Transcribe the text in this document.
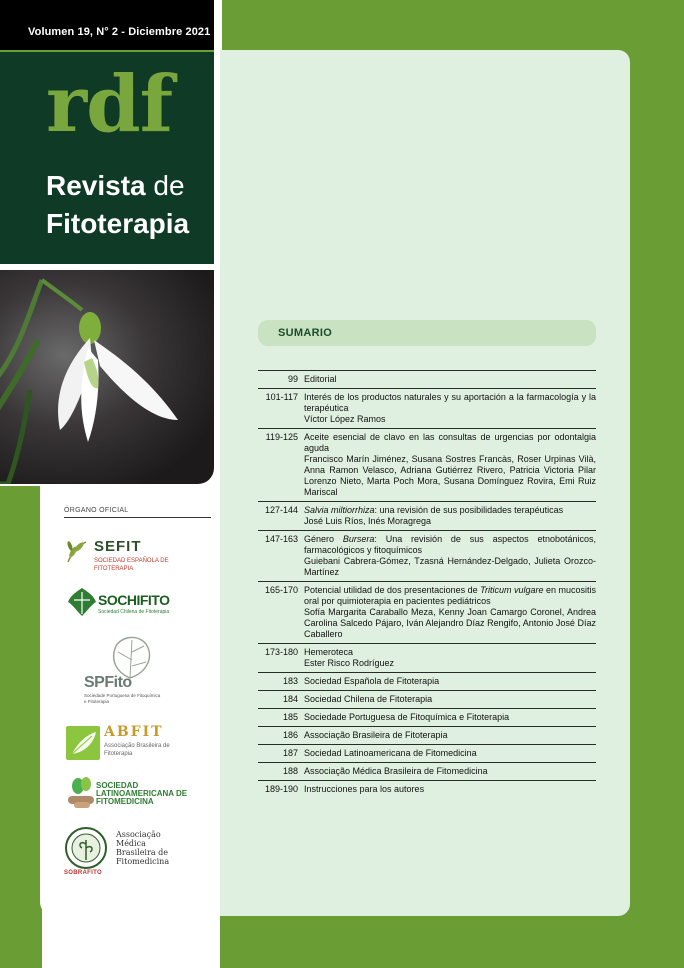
Volumen 19, N° 2 - Diciembre 2021
rdf
Revista de
Fitoterapia
ÓRGANO OFICIAL
SEFIT
SOCIEDAD ESPAÑOLA DE FITOTERAPIA
SOCHIFITO
Sociedad Chilena de Fitoterapia
SPFito
Sociedade Portuguesa de Fitoquímica e Fitoterapia
ABFIT
Associação Brasileira de Fitoterapia
SOCIEDAD LATINOAMERICANA DE FITOMEDICINA
SOBRAFITO
Associação Médica Brasileira de Fitomedicina
SUMARIO
99 Editorial
101-117 Interés de los productos naturales y su aportación a la farmacología y la terapéutica
Víctor López Ramos
119-125 Aceite esencial de clavo en las consultas de urgencias por odontalgia aguda
Francisco Marín Jiménez, Susana Sostres Francàs, Roser Urpinas Vilà, Anna Ramon Velasco, Adriana Gutiérrez Rivero, Patricia Victoria Pilar Lorenzo Nieto, Marta Poch Mora, Susana Domínguez Rovira, Emi Ruiz Mariscal
127-144 Salvia miltiorrhiza: una revisión de sus posibilidades terapéuticas
José Luis Ríos, Inés Moragrega
147-163 Género Bursera: Una revisión de sus aspectos etnobotánicos, farmacológicos y fitoquímicos
Guiebani Cabrera-Gómez, Tzasná Hernández-Delgado, Julieta Orozco-Martínez
165-170 Potencial utilidad de dos presentaciones de Triticum vulgare en mucositis oral por quimioterapia en pacientes pediátricos
Sofía Margarita Caraballo Meza, Kenny Joan Camargo Coronel, Andrea Carolina Salcedo Pájaro, Iván Alejandro Díaz Rengifo, Antonio José Díaz Caballero
173-180 Hemeroteca
Ester Risco Rodríguez
183 Sociedad Española de Fitoterapia
184 Sociedad Chilena de Fitoterapia
185 Sociedade Portuguesa de Fitoquímica e Fitoterapia
186 Associação Brasileira de Fitoterapia
187 Sociedad Latinoamericana de Fitomedicina
188 Associação Médica Brasileira de Fitomedicina
189-190 Instrucciones para los autores
